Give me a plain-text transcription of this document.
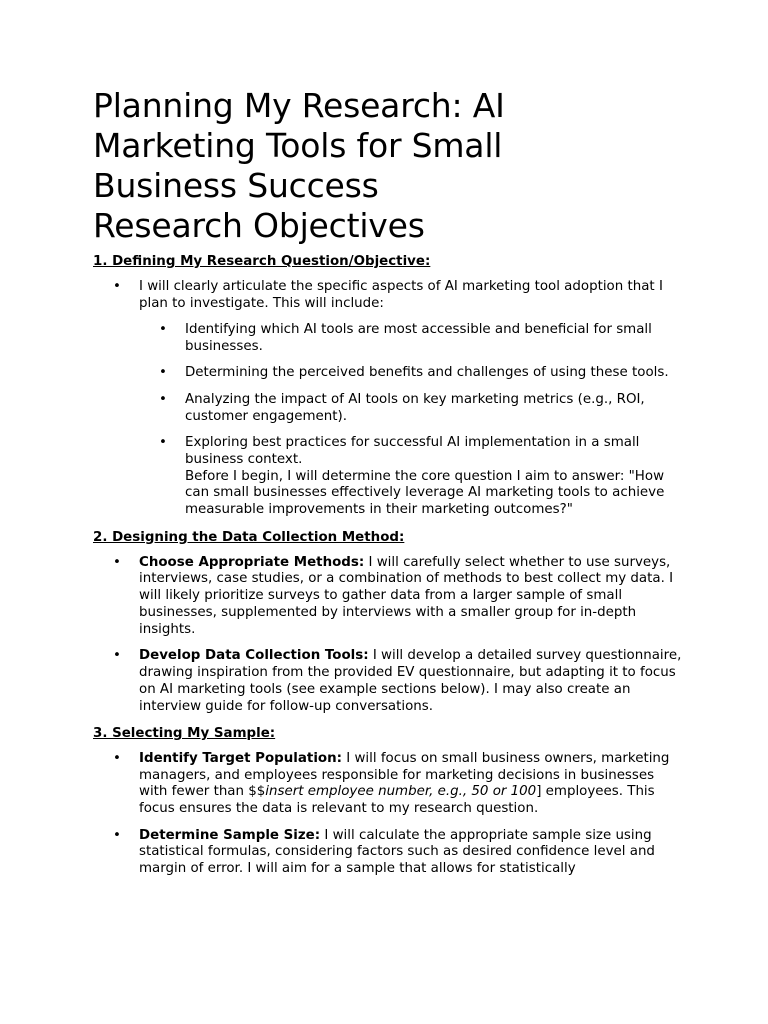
Planning My Research: AI
Marketing Tools for Small
Business Success
Research Objectives
1. Defining My Research Question/Objective:
• I will clearly articulate the specific aspects of AI marketing tool adoption that I plan to investigate. This will include:
• Identifying which AI tools are most accessible and beneficial for small businesses.
• Determining the perceived benefits and challenges of using these tools.
• Analyzing the impact of AI tools on key marketing metrics (e.g., ROI, customer engagement).
• Exploring best practices for successful AI implementation in a small business context.
Before I begin, I will determine the core question I aim to answer: "How can small businesses effectively leverage AI marketing tools to achieve measurable improvements in their marketing outcomes?"
2. Designing the Data Collection Method:
• Choose Appropriate Methods: I will carefully select whether to use surveys, interviews, case studies, or a combination of methods to best collect my data. I will likely prioritize surveys to gather data from a larger sample of small businesses, supplemented by interviews with a smaller group for in-depth insights.
• Develop Data Collection Tools: I will develop a detailed survey questionnaire, drawing inspiration from the provided EV questionnaire, but adapting it to focus on AI marketing tools (see example sections below). I may also create an interview guide for follow-up conversations.
3. Selecting My Sample:
• Identify Target Population: I will focus on small business owners, marketing managers, and employees responsible for marketing decisions in businesses with fewer than $$insert employee number, e.g., 50 or 100] employees. This focus ensures the data is relevant to my research question.
• Determine Sample Size: I will calculate the appropriate sample size using statistical formulas, considering factors such as desired confidence level and margin of error. I will aim for a sample that allows for statistically
